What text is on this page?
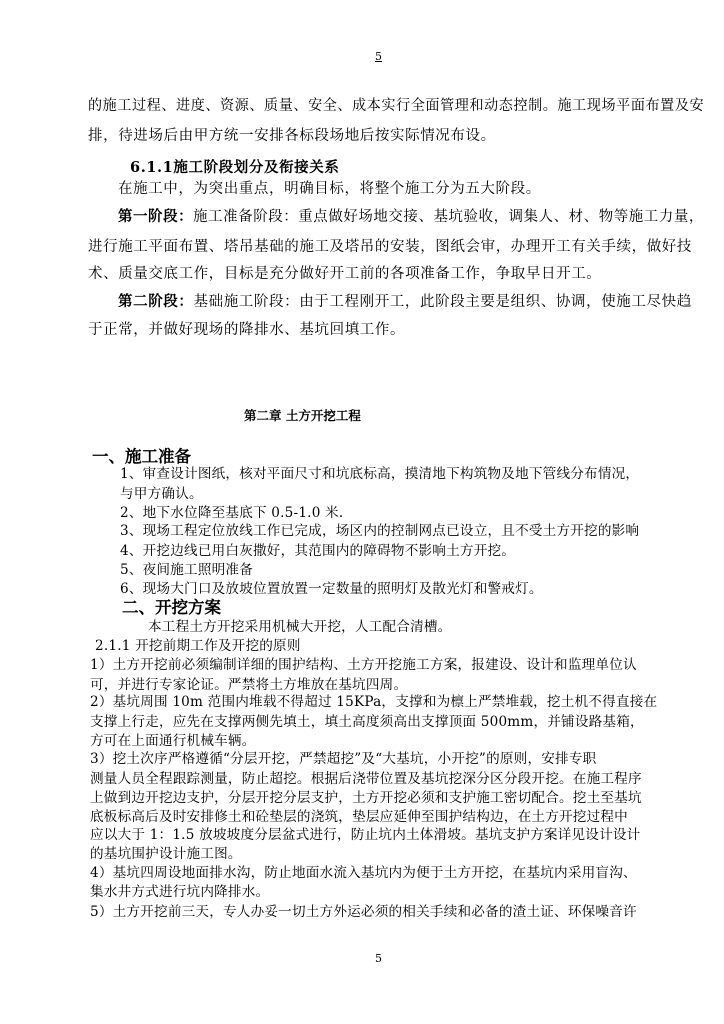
5
的施工过程、进度、资源、质量、安全、成本实行全面管理和动态控制。施工现场平面布置及安
排，待进场后由甲方统一安排各标段场地后按实际情况布设。
6.1.1施工阶段划分及衔接关系
在施工中，为突出重点，明确目标，将整个施工分为五大阶段。
第一阶段：施工准备阶段：重点做好场地交接、基坑验收，调集人、材、物等施工力量，
进行施工平面布置、塔吊基础的施工及塔吊的安装，图纸会审，办理开工有关手续，做好技
术、质量交底工作，目标是充分做好开工前的各项准备工作，争取早日开工。
第二阶段：基础施工阶段：由于工程刚开工，此阶段主要是组织、协调，使施工尽快趋
于正常，并做好现场的降排水、基坑回填工作。
第二章 土方开挖工程
一、施工准备
1、审查设计图纸，核对平面尺寸和坑底标高，摸清地下构筑物及地下管线分布情况，
与甲方确认。
2、地下水位降至基底下 0.5-1.0 米.
3、现场工程定位放线工作已完成，场区内的控制网点已设立，且不受土方开挖的影响
4、开挖边线已用白灰撒好，其范围内的障碍物不影响土方开挖。
5、夜间施工照明准备
6、现场大门口及放坡位置放置一定数量的照明灯及散光灯和警戒灯。
二、开挖方案
本工程土方开挖采用机械大开挖，人工配合清槽。
2.1.1 开挖前期工作及开挖的原则
1）土方开挖前必须编制详细的围护结构、土方开挖施工方案，报建设、设计和监理单位认
可，并进行专家论证。严禁将土方堆放在基坑四周。
2）基坑周围 10m 范围内堆载不得超过 15KPa，支撑和为檩上严禁堆载，挖土机不得直接在
支撑上行走，应先在支撑两侧先填土，填土高度须高出支撑顶面 500mm，并铺设路基箱，
方可在上面通行机械车辆。
3）挖土次序严格遵循“分层开挖，严禁超挖”及“大基坑，小开挖”的原则，安排专职
测量人员全程跟踪测量，防止超挖。根据后浇带位置及基坑挖深分区分段开挖。在施工程序
上做到边开挖边支护，分层开挖分层支护，土方开挖必须和支护施工密切配合。挖土至基坑
底板标高后及时安排修土和砼垫层的浇筑，垫层应延伸至围护结构边，在土方开挖过程中
应以大于 1：1.5 放坡坡度分层盆式进行，防止坑内土体滑坡。基坑支护方案详见设计设计
的基坑围护设计施工图。
4）基坑四周设地面排水沟，防止地面水流入基坑内为便于土方开挖，在基坑内采用盲沟、
集水井方式进行坑内降排水。
5）土方开挖前三天，专人办妥一切土方外运必须的相关手续和必备的渣土证、环保噪音许
5
